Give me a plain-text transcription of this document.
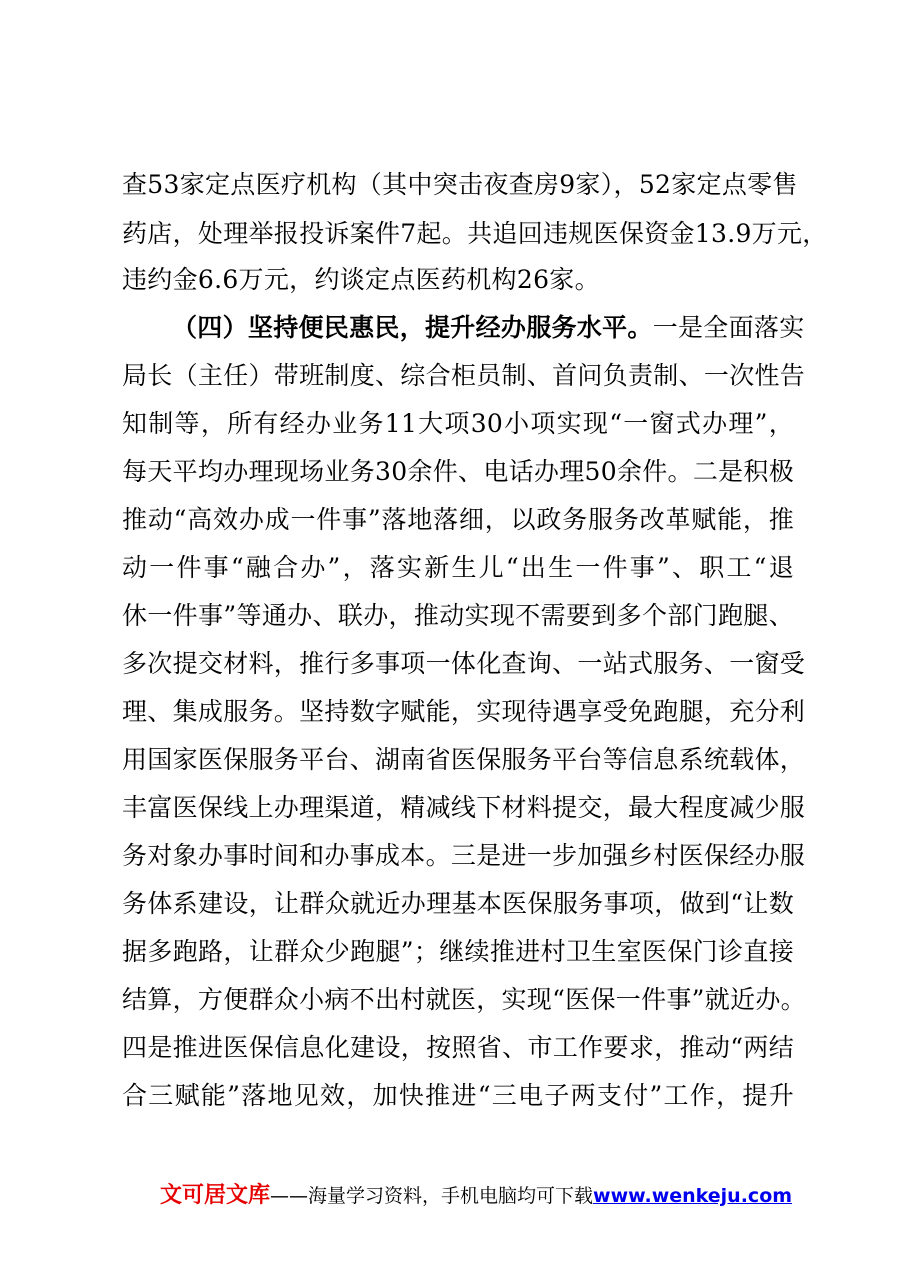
查53家定点医疗机构（其中突击夜查房9家），52家定点零售
药店，处理举报投诉案件7起。共追回违规医保资金13.9万元，
违约金6.6万元，约谈定点医药机构26家。
（四）坚持便民惠民，提升经办服务水平。一是全面落实
局长（主任）带班制度、综合柜员制、首问负责制、一次性告
知制等，所有经办业务11大项30小项实现“一窗式办理”，
每天平均办理现场业务30余件、电话办理50余件。二是积极
推动“高效办成一件事”落地落细，以政务服务改革赋能，推
动一件事“融合办”，落实新生儿“出生一件事”、职工“退
休一件事”等通办、联办，推动实现不需要到多个部门跑腿、
多次提交材料，推行多事项一体化查询、一站式服务、一窗受
理、集成服务。坚持数字赋能，实现待遇享受免跑腿，充分利
用国家医保服务平台、湖南省医保服务平台等信息系统载体，
丰富医保线上办理渠道，精减线下材料提交，最大程度减少服
务对象办事时间和办事成本。三是进一步加强乡村医保经办服
务体系建设，让群众就近办理基本医保服务事项，做到“让数
据多跑路，让群众少跑腿”；继续推进村卫生室医保门诊直接
结算，方便群众小病不出村就医，实现“医保一件事”就近办。
四是推进医保信息化建设，按照省、市工作要求，推动“两结
合三赋能”落地见效，加快推进“三电子两支付”工作，提升
文可居文库——海量学习资料，手机电脑均可下载www.wenkeju.com
